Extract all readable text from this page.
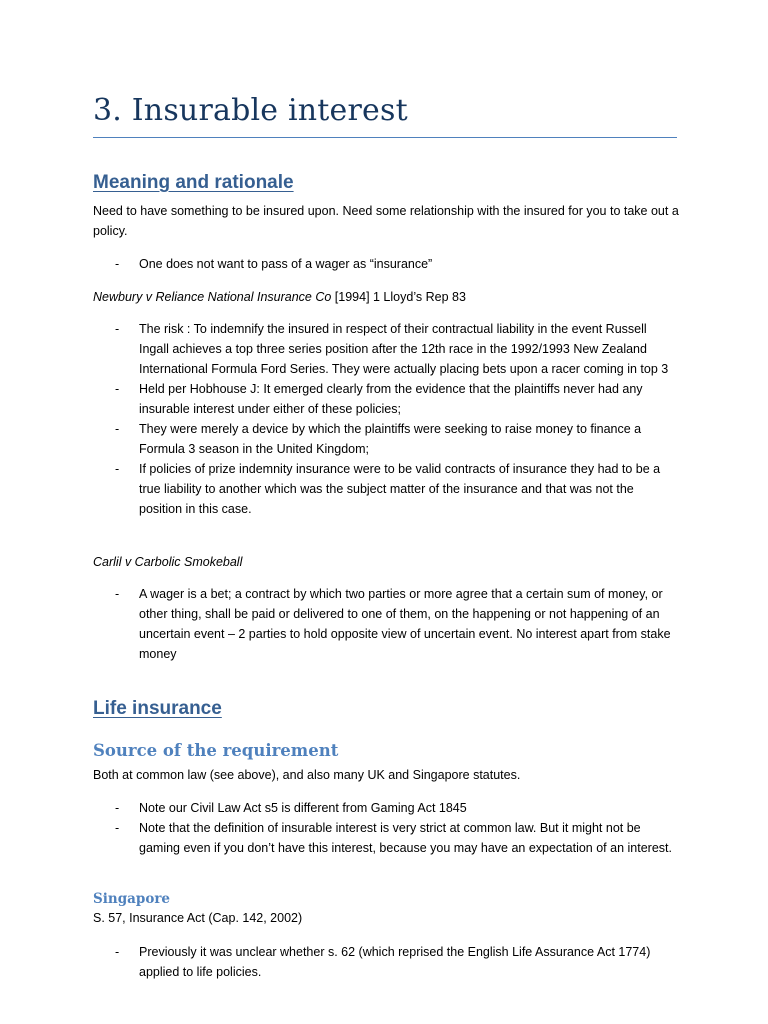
3. Insurable interest
Meaning and rationale

Need to have something to be insured upon. Need some relationship with the insured for you to take out a policy.

- One does not want to pass of a wager as “insurance”

Newbury v Reliance National Insurance Co [1994] 1 Lloyd’s Rep 83

- The risk : To indemnify the insured in respect of their contractual liability in the event Russell Ingall achieves a top three series position after the 12th race in the 1992/1993 New Zealand International Formula Ford Series. They were actually placing bets upon a racer coming in top 3
- Held per Hobhouse J: It emerged clearly from the evidence that the plaintiffs never had any insurable interest under either of these policies;
- They were merely a device by which the plaintiffs were seeking to raise money to finance a Formula 3 season in the United Kingdom;
- If policies of prize indemnity insurance were to be valid contracts of insurance they had to be a true liability to another which was the subject matter of the insurance and that was not the position in this case.

Carlil v Carbolic Smokeball

- A wager is a bet; a contract by which two parties or more agree that a certain sum of money, or other thing, shall be paid or delivered to one of them, on the happening or not happening of an uncertain event – 2 parties to hold opposite view of uncertain event. No interest apart from stake money
Life insurance
Source of the requirement

Both at common law (see above), and also many UK and Singapore statutes.

- Note our Civil Law Act s5 is different from Gaming Act 1845
- Note that the definition of insurable interest is very strict at common law. But it might not be gaming even if you don’t have this interest, because you may have an expectation of an interest.
Singapore

S. 57, Insurance Act (Cap. 142, 2002)

- Previously it was unclear whether s. 62 (which reprised the English Life Assurance Act 1774) applied to life policies.
